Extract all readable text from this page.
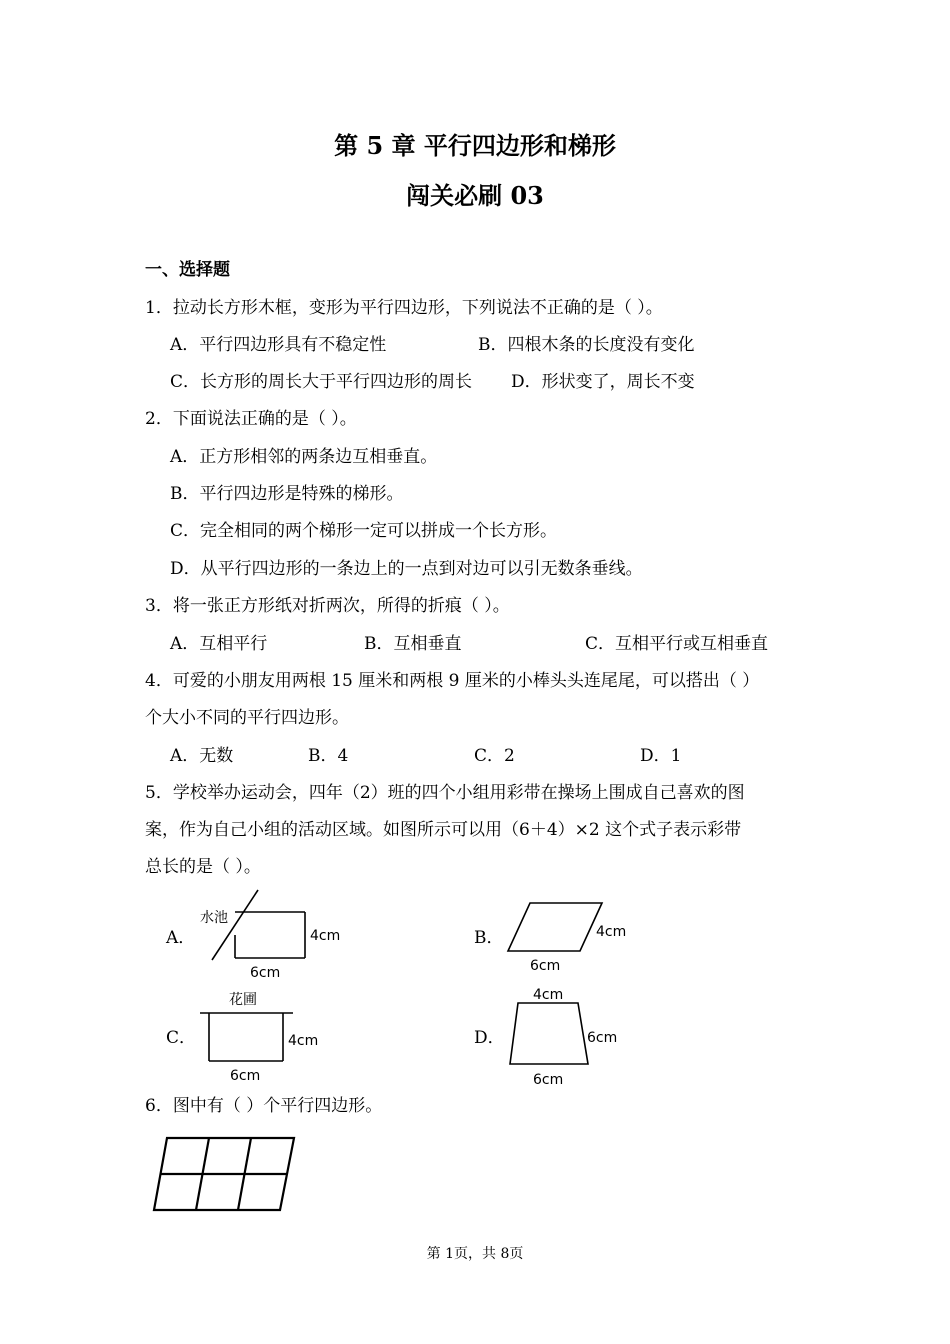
第 5 章 平行四边形和梯形
闯关必刷 03
一、选择题
1．拉动长方形木框，变形为平行四边形，下列说法不正确的是（ ）。
A．平行四边形具有不稳定性	B．四根木条的长度没有变化
C．长方形的周长大于平行四边形的周长 D．形状变了，周长不变
2．下面说法正确的是（ ）。
A．正方形相邻的两条边互相垂直。
B．平行四边形是特殊的梯形。
C．完全相同的两个梯形一定可以拼成一个长方形。
D．从平行四边形的一条边上的一点到对边可以引无数条垂线。
3．将一张正方形纸对折两次，所得的折痕（ ）。
A．互相平行	B．互相垂直	C．互相平行或互相垂直
4．可爱的小朋友用两根 15 厘米和两根 9 厘米的小棒头头连尾尾，可以搭出（ ）
个大小不同的平行四边形。
A．无数	B．4	C．2	D．1
5．学校举办运动会，四年（2）班的四个小组用彩带在操场上围成自己喜欢的图
案，作为自己小组的活动区域。如图所示可以用（6＋4）×2 这个式子表示彩带
总长的是（ ）。
A．
水池
4cm
6cm
B．	4cm
6cm
C．
花圃
4cm
6cm
D．
4cm
6cm
6cm
6．图中有（ ）个平行四边形。
第 1页，共 8页
